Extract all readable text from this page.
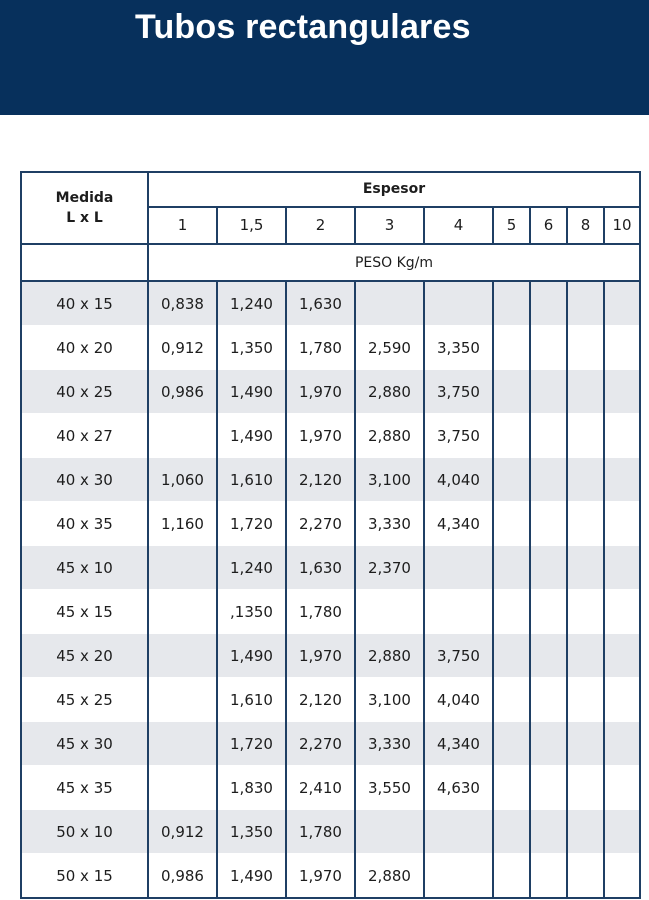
Tubos rectangulares
Medida
L x L	Espesor								
	1	1,5	2	3	4	5	6	8	10
	PESO Kg/m								
40 x 15	0,838	1,240	1,630						
40 x 20	0,912	1,350	1,780	2,590	3,350				
40 x 25	0,986	1,490	1,970	2,880	3,750				
40 x 27		1,490	1,970	2,880	3,750				
40 x 30	1,060	1,610	2,120	3,100	4,040				
40 x 35	1,160	1,720	2,270	3,330	4,340				
45 x 10		1,240	1,630	2,370					
45 x 15		,1350	1,780						
45 x 20		1,490	1,970	2,880	3,750				
45 x 25		1,610	2,120	3,100	4,040				
45 x 30		1,720	2,270	3,330	4,340				
45 x 35		1,830	2,410	3,550	4,630				
50 x 10	0,912	1,350	1,780						
50 x 15	0,986	1,490	1,970	2,880					
